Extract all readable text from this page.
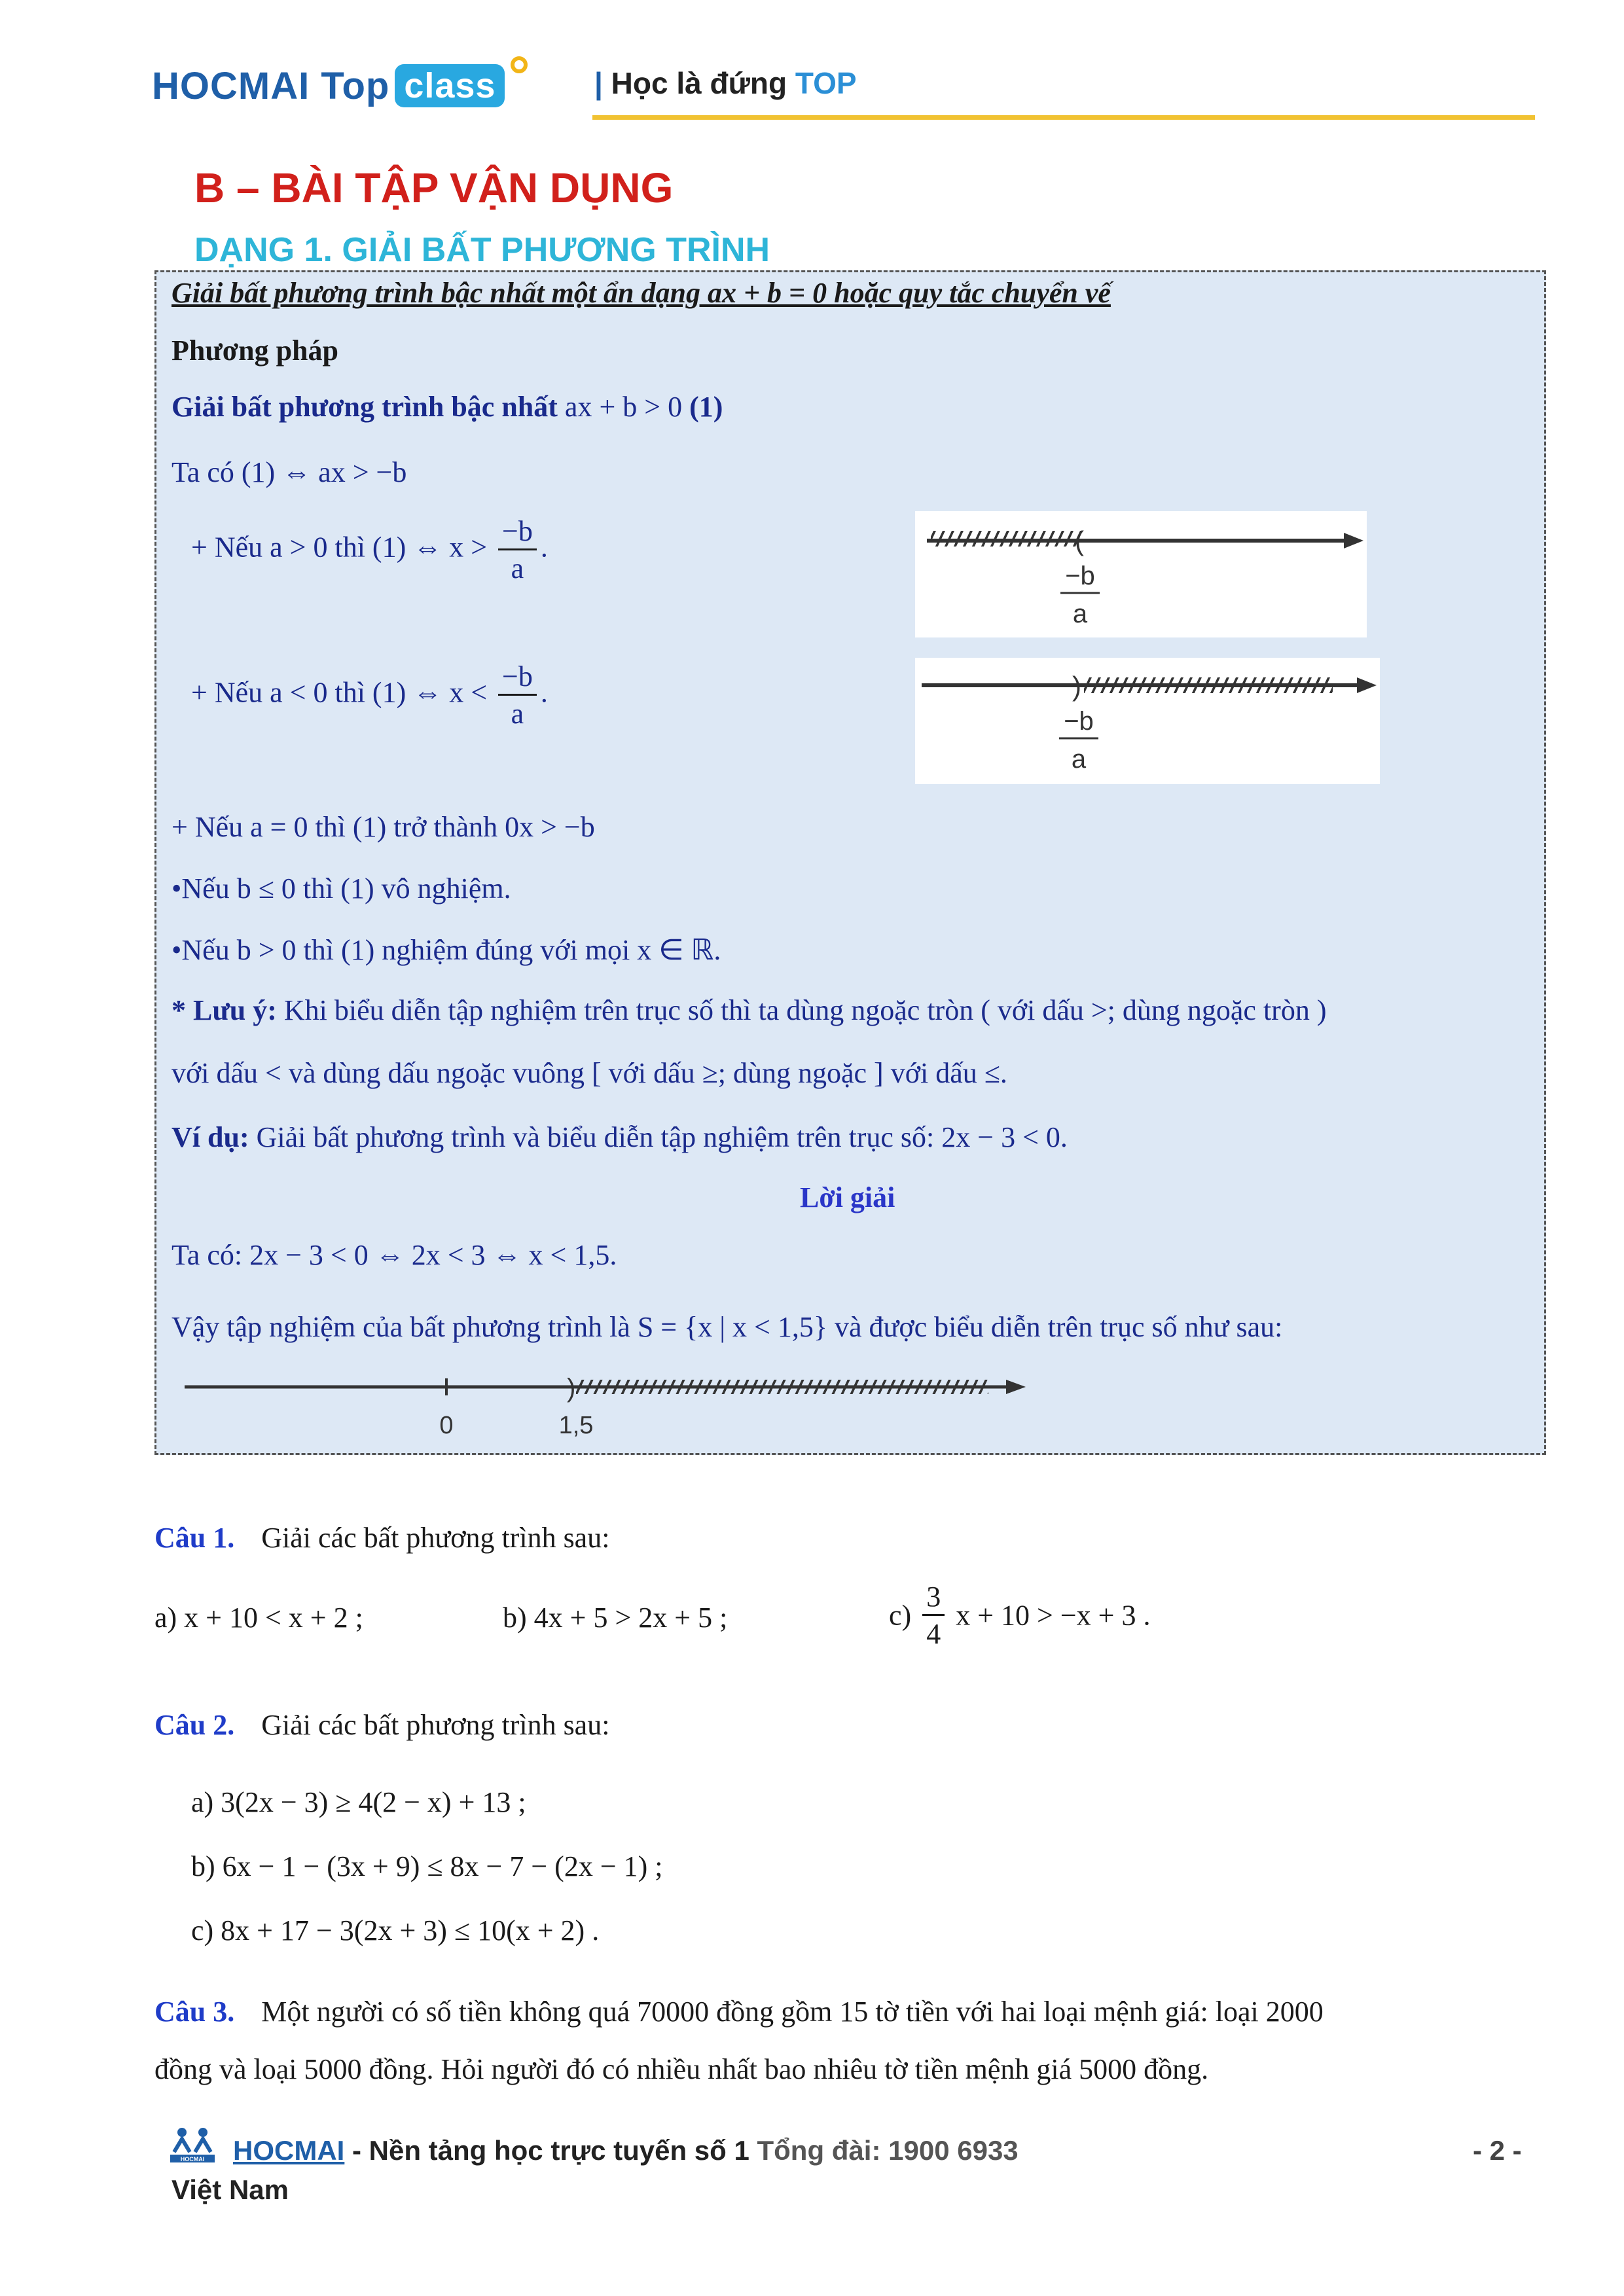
HOCMAI Top class	| Học là đứng TOP
B – BÀI TẬP VẬN DỤNG
DẠNG 1. GIẢI BẤT PHƯƠNG TRÌNH
Giải bất phương trình bậc nhất một ẩn dạng ax + b = 0 hoặc quy tắc chuyển vế
Phương pháp
Giải bất phương trình bậc nhất ax + b > 0 (1)
Ta có (1) ⇔ ax > −b
+ Nếu a > 0 thì (1) ⇔ $x > \frac{-b}{a}$ .
+ Nếu a < 0 thì (1) ⇔ $x < \frac{-b}{a}$ .
(
−b
a
)
−b
a
+ Nếu a = 0 thì (1) trở thành 0x > −b
•Nếu b ≤ 0 thì (1) vô nghiệm.
•Nếu b > 0 thì (1) nghiệm đúng với mọi x ∈ ℝ.
* Lưu ý: Khi biểu diễn tập nghiệm trên trục số thì ta dùng ngoặc tròn ( với dấu >; dùng ngoặc tròn )
với dấu < và dùng dấu ngoặc vuông [ với dấu ≥; dùng ngoặc ] với dấu ≤.
Ví dụ: Giải bất phương trình và biểu diễn tập nghiệm trên trục số: 2x − 3 < 0.
Lời giải
Ta có: 2x − 3 < 0 ⇔ 2x < 3 ⇔ x < 1,5.
Vậy tập nghiệm của bất phương trình là S = {x | x < 1,5} và được biểu diễn trên trục số như sau:
)
0	1,5
Câu 1. Giải các bất phương trình sau:
a) x + 10 < x + 2 ;	b) 4x + 5 > 2x + 5 ;	$c) \frac{3}{4}$ x + 10 > −x + 3 .
Câu 2. Giải các bất phương trình sau:
a) 3(2x − 3) ≥ 4(2 − x) + 13 ;
b) 6x − 1 − (3x + 9) ≤ 8x − 7 − (2x − 1) ;
c) 8x + 17 − 3(2x + 3) ≤ 10(x + 2) .
Câu 3. Một người có số tiền không quá 70000 đồng gồm 15 tờ tiền với hai loại mệnh giá: loại 2000
đồng và loại 5000 đồng. Hỏi người đó có nhiều nhất bao nhiêu tờ tiền mệnh giá 5000 đồng.
HOCMAI HOCMAI - Nền tảng học trực tuyến số 1 Tổng đài: 1900 6933	- 2 -
Việt Nam
